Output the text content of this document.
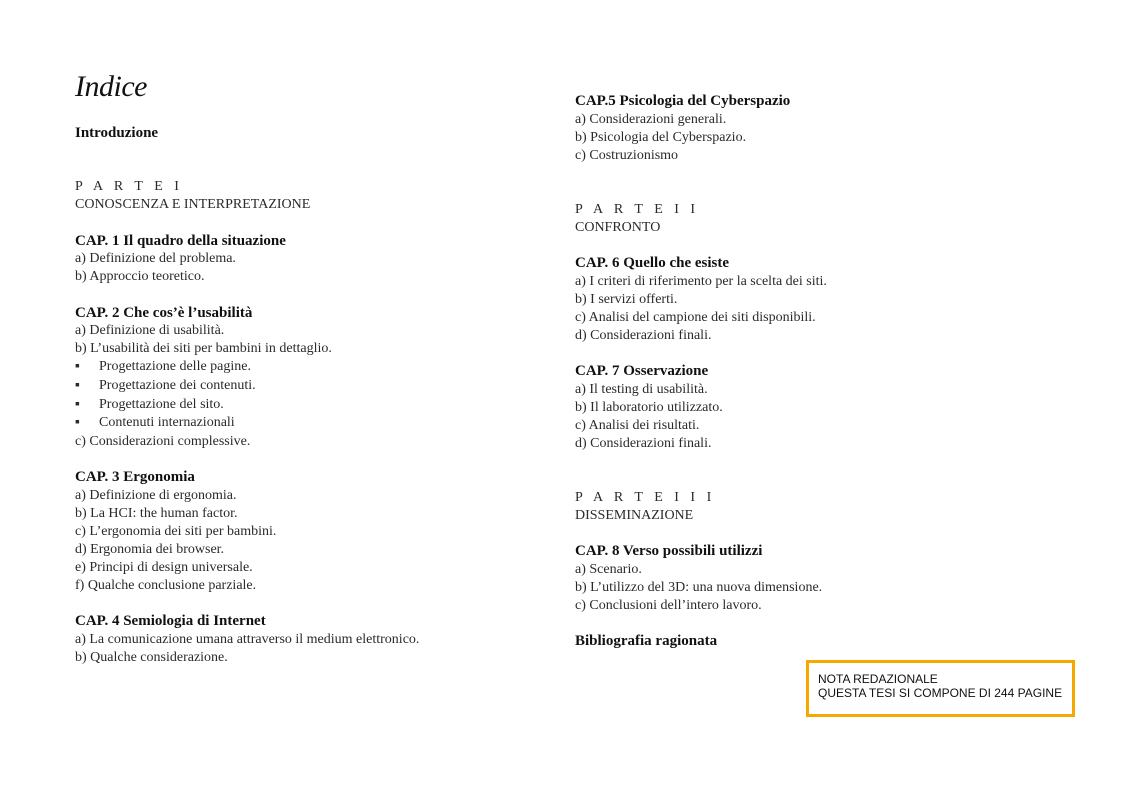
Indice
Introduzione
P A R T E I
CONOSCENZA E INTERPRETAZIONE
CAP. 1 Il quadro della situazione
a) Definizione del problema.
b) Approccio teoretico.
CAP. 2 Che cos’è l’usabilità
a) Definizione di usabilità.
b) L’usabilità dei siti per bambini in dettaglio.
▪ Progettazione delle pagine.
▪ Progettazione dei contenuti.
▪ Progettazione del sito.
▪ Contenuti internazionali
c) Considerazioni complessive.
CAP. 3 Ergonomia
a) Definizione di ergonomia.
b) La HCI: the human factor.
c) L’ergonomia dei siti per bambini.
d) Ergonomia dei browser.
e) Principi di design universale.
f) Qualche conclusione parziale.
CAP. 4 Semiologia di Internet
a) La comunicazione umana attraverso il medium elettronico.
b) Qualche considerazione.
CAP.5 Psicologia del Cyberspazio
a) Considerazioni generali.
b) Psicologia del Cyberspazio.
c) Costruzionismo
P A R T E I I
CONFRONTO
CAP. 6 Quello che esiste
a) I criteri di riferimento per la scelta dei siti.
b) I servizi offerti.
c) Analisi del campione dei siti disponibili.
d) Considerazioni finali.
CAP. 7 Osservazione
a) Il testing di usabilità.
b) Il laboratorio utilizzato.
c) Analisi dei risultati.
d) Considerazioni finali.
P A R T E I I I
DISSEMINAZIONE
CAP. 8 Verso possibili utilizzi
a) Scenario.
b) L’utilizzo del 3D: una nuova dimensione.
c) Conclusioni dell’intero lavoro.
Bibliografia ragionata
NOTA REDAZIONALE
QUESTA TESI SI COMPONE DI 244 PAGINE
